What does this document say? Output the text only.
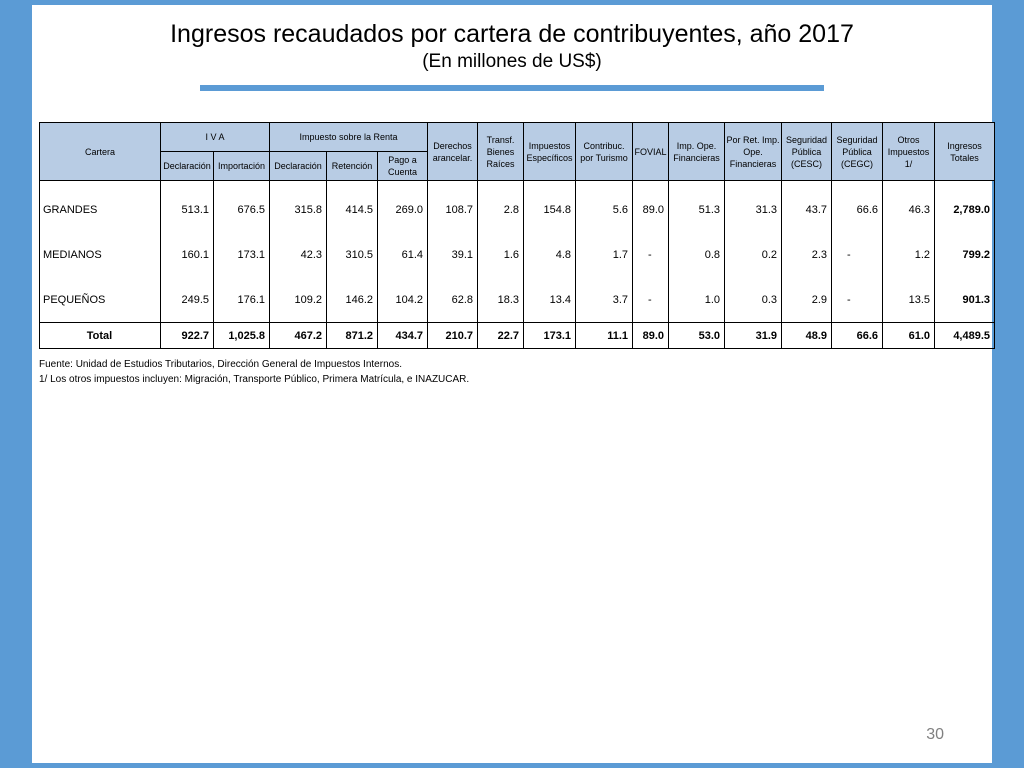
Ingresos recaudados por cartera de contribuyentes, año 2017
(En millones de US$)
Cartera	I V A		Impuesto sobre la Renta			Derechos arancelar.	Transf. Bienes Raíces	Impuestos Específicos	Contribuc. por Turismo	FOVIAL	Imp. Ope. Financieras	Por Ret. Imp. Ope. Financieras	Seguridad Pública (CESC)	Seguridad Pública (CEGC)	Otros Impuestos 1/	Ingresos Totales
	Declaración	Importación	Declaración	Retención	Pago a Cuenta											
GRANDES	513.1	676.5	315.8	414.5	269.0	108.7	2.8	154.8	5.6	89.0	51.3	31.3	43.7	66.6	46.3	2,789.0
MEDIANOS	160.1	173.1	42.3	310.5	61.4	39.1	1.6	4.8	1.7	-	0.8	0.2	2.3	-	1.2	799.2
PEQUEÑOS	249.5	176.1	109.2	146.2	104.2	62.8	18.3	13.4	3.7	-	1.0	0.3	2.9	-	13.5	901.3
Total	922.7	1,025.8	467.2	871.2	434.7	210.7	22.7	173.1	11.1	89.0	53.0	31.9	48.9	66.6	61.0	4,489.5
Fuente: Unidad de Estudios Tributarios, Dirección General de Impuestos Internos.
1/ Los otros impuestos incluyen: Migración, Transporte Público, Primera Matrícula, e INAZUCAR.
30
